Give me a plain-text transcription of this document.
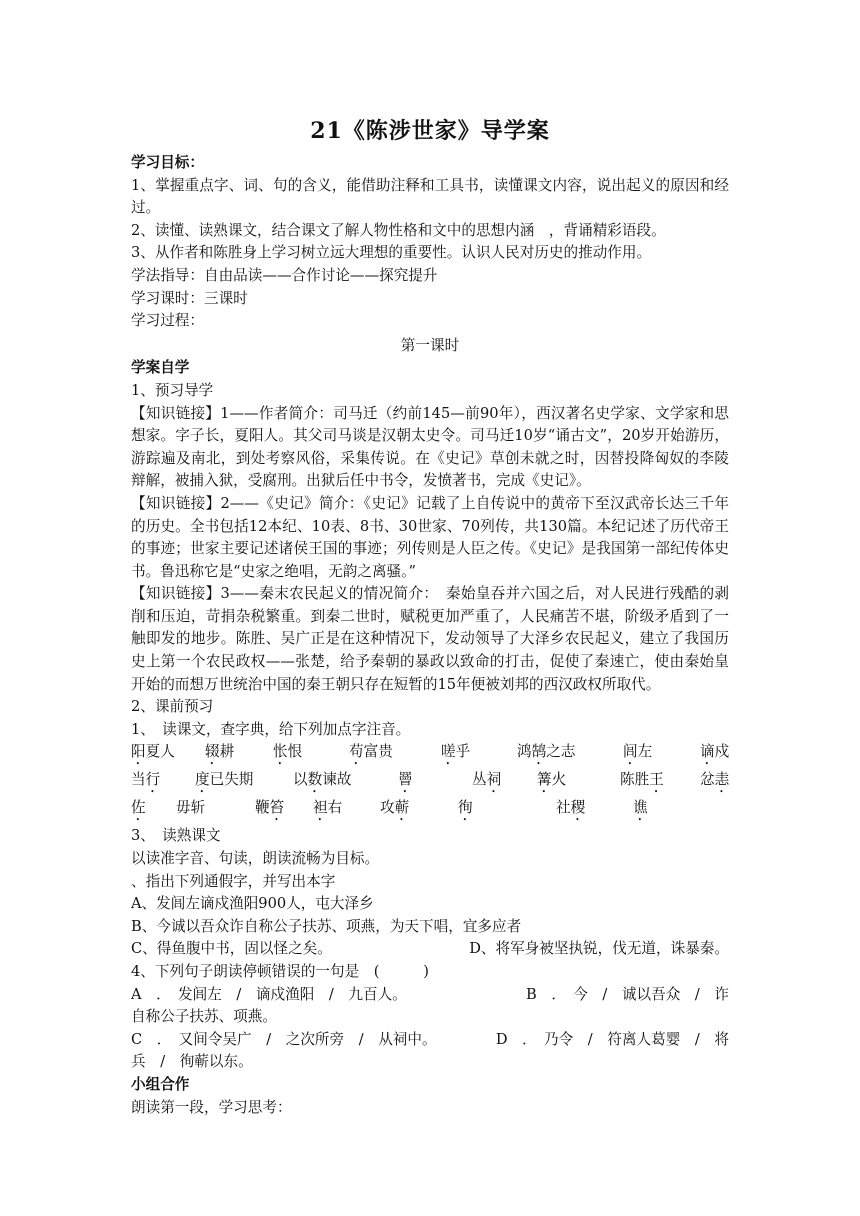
21《陈涉世家》导学案

学习目标：

1、掌握重点字、词、句的含义，能借助注释和工具书，读懂课文内容，说出起义的原因和经过。

2、读懂、读熟课文，结合课文了解人物性格和文中的思想内涵　，背诵精彩语段。

3、从作者和陈胜身上学习树立远大理想的重要性。认识人民对历史的推动作用。

学法指导：自由品读——合作讨论——探究提升

学习课时：三课时

学习过程：

第一课时

学案自学

1、预习导学

【知识链接】1——作者简介：司马迁（约前145—前90年），西汉著名史学家、文学家和思想家。字子长，夏阳人。其父司马谈是汉朝太史令。司马迁10岁“诵古文”，20岁开始游历，游踪遍及南北，到处考察风俗，采集传说。在《史记》草创未就之时，因替投降匈奴的李陵辩解，被捕入狱，受腐刑。出狱后任中书令，发愤著书，完成《史记》。

【知识链接】2——《史记》简介：《史记》记载了上自传说中的黄帝下至汉武帝长达三千年的历史。全书包括12本纪、10表、8书、30世家、70列传，共130篇。本纪记述了历代帝王的事迹；世家主要记述诸侯王国的事迹；列传则是人臣之传。《史记》是我国第一部纪传体史书。鲁迅称它是“史家之绝唱，无韵之离骚。”

【知识链接】3——秦末农民起义的情况简介：　秦始皇吞并六国之后，对人民进行残酷的剥削和压迫，苛捐杂税繁重。到秦二世时，赋税更加严重了，人民痛苦不堪，阶级矛盾到了一触即发的地步。陈胜、吴广正是在这种情况下，发动领导了大泽乡农民起义，建立了我国历史上第一个农民政权——张楚，给予秦朝的暴政以致命的打击，促使了秦速亡，使由秦始皇开始的而想万世统治中国的秦王朝只存在短暂的15年便被刘邦的西汉政权所取代。

2、课前预习

1、　读课文，查字典，给下列加点字注音。

阳夏人 辍耕	怅恨	苟富贵	嗟乎	鸿鹄之志	闾左	谪戍
当行 度已失期	以数谏故	罾	丛祠 篝火	陈胜王 忿恚
佐 毋斩	鞭笞 袒右	攻蕲	徇	社稷	谯

3、　读熟课文

以读准字音、句读，朗读流畅为目标。

、指出下列通假字，并写出本字

A、发闾左谪戍渔阳900人，屯大泽乡

B、今诚以吾众诈自称公子扶苏、项燕，为天下唱，宜多应者

C、得鱼腹中书，固以怪之矣。	D、将军身被坚执锐，伐无道，诛暴秦。

4、下列句子朗读停顿错误的一句是　(　　　)

A　．　发闾左　/　谪戍渔阳　/　九百人。	B　．　今　/　诚以吾众　/　诈

自称公子扶苏、项燕。

C　．　又间令吴广　/　之次所旁　/　从祠中。	D　．　乃令　/　符离人葛婴　/　将

兵　/　徇蕲以东。

小组合作

朗读第一段，学习思考：
